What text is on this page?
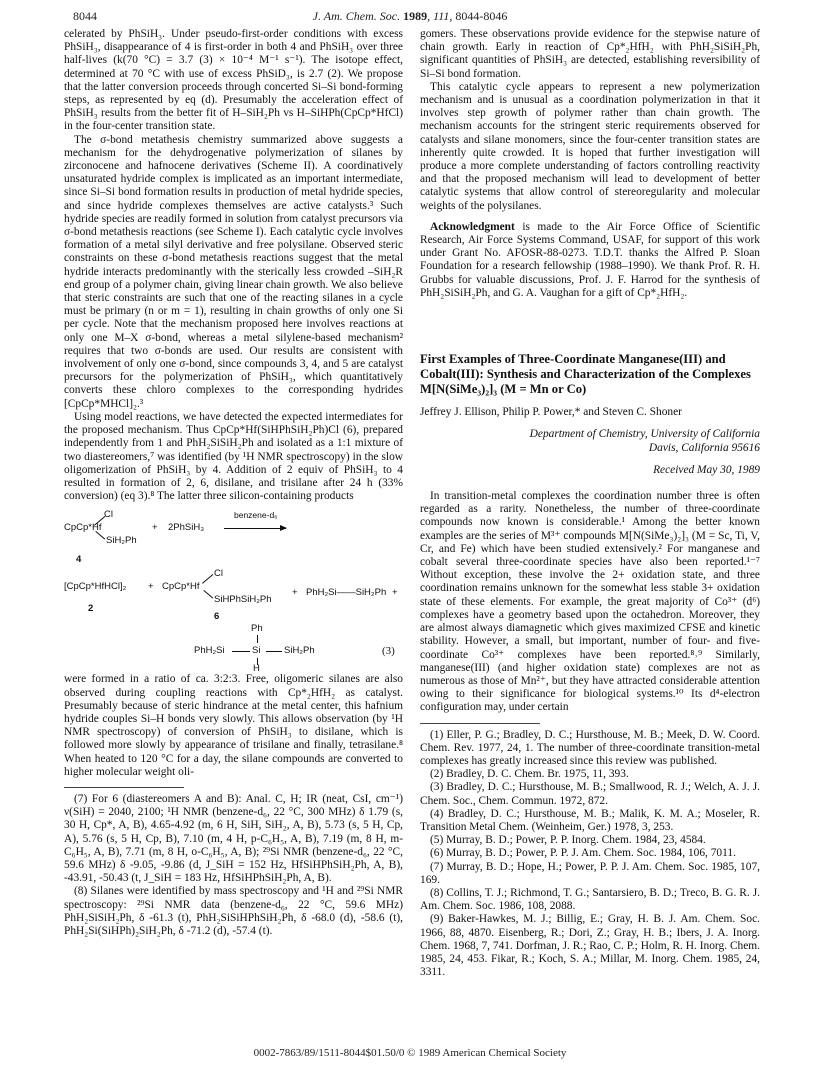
8044	J. Am. Chem. Soc. 1989, 111, 8044-8046

celerated by PhSiH₃. Under pseudo-first-order conditions with excess PhSiH₃, disappearance of 4 is first-order in both 4 and PhSiH₃ over three half-lives (k(70 °C) = 3.7 (3) × 10⁻⁴ M⁻¹ s⁻¹). The isotope effect, determined at 70 °C with use of excess PhSiD₃, is 2.7 (2). We propose that the latter conversion proceeds through concerted Si–Si bond-forming steps, as represented by eq (d). Presumably the acceleration effect of PhSiH₃ results from the better fit of H–SiH₂Ph vs H–SiHPh(CpCp*HfCl) in the four-center transition state.

The σ-bond metathesis chemistry summarized above suggests a mechanism for the dehydrogenative polymerization of silanes by zirconocene and hafnocene derivatives (Scheme II). A coordinatively unsaturated hydride complex is implicated as an important intermediate, since Si–Si bond formation results in production of metal hydride species, and since hydride complexes themselves are active catalysts.³ Such hydride species are readily formed in solution from catalyst precursors via σ-bond metathesis reactions (see Scheme I). Each catalytic cycle involves formation of a metal silyl derivative and free polysilane. Observed steric constraints on these σ-bond metathesis reactions suggest that the metal hydride interacts predominantly with the sterically less crowded –SiH₂R end group of a polymer chain, giving linear chain growth. We also believe that steric constraints are such that one of the reacting silanes in a cycle must be primary (n or m = 1), resulting in chain growths of only one Si per cycle. Note that the mechanism proposed here involves reactions at only one M–X σ-bond, whereas a metal silylene-based mechanism² requires that two σ-bonds are used. Our results are consistent with involvement of only one σ-bond, since compounds 3, 4, and 5 are catalyst precursors for the polymerization of PhSiH₃, which quantitatively converts these chloro complexes to the corresponding hydrides [CpCp*MHCl]₂.³

Using model reactions, we have detected the expected intermediates for the proposed mechanism. Thus CpCp*Hf(SiHPhSiH₂Ph)Cl (6), prepared independently from 1 and PhH₂SiSiH₂Ph and isolated as a 1:1 mixture of two diastereomers,⁷ was identified (by ¹H NMR spectroscopy) in the slow oligomerization of PhSiH₃ by 4. Addition of 2 equiv of PhSiH₃ to 4 resulted in formation of 2, 6, disilane, and trisilane after 24 h (33% conversion) (eq 3).⁸ The latter three silicon-containing products

Cl
CpCp*Hf
SiH₂Ph
+ 2PhSiH₃
benzene-d₆
4
Cl
[CpCp*HfHCl]₂ + CpCp*Hf
SiHPhSiH₂Ph
+ PhH₂Si——SiH₂Ph +
2
6
Ph
PhH₂Si	Si SiH₂Ph	(3)
H

were formed in a ratio of ca. 3:2:3. Free, oligomeric silanes are also observed during coupling reactions with Cp*₂HfH₂ as catalyst. Presumably because of steric hindrance at the metal center, this hafnium hydride couples Si–H bonds very slowly. This allows observation (by ¹H NMR spectroscopy) of conversion of PhSiH₃ to disilane, which is followed more slowly by appearance of trisilane and finally, tetrasilane.⁸ When heated to 120 °C for a day, the silane compounds are converted to higher molecular weight oli-

(7) For 6 (diastereomers A and B): Anal. C, H; IR (neat, CsI, cm⁻¹) ν(SiH) = 2040, 2100; ¹H NMR (benzene-d₆, 22 °C, 300 MHz) δ 1.79 (s, 30 H, Cp*, A, B), 4.65-4.92 (m, 6 H, SiH, SiH₂, A, B), 5.73 (s, 5 H, Cp, A), 5.76 (s, 5 H, Cp, B), 7.10 (m, 4 H, p-C₆H₅, A, B), 7.19 (m, 8 H, m-C₆H₅, A, B), 7.71 (m, 8 H, o-C₆H₅, A, B); ²⁹Si NMR (benzene-d₆, 22 °C, 59.6 MHz) δ -9.05, -9.86 (d, J_SiH = 152 Hz, HfSiHPhSiH₂Ph, A, B), -43.91, -50.43 (t, J_SiH = 183 Hz, HfSiHPhSiH₂Ph, A, B).

(8) Silanes were identified by mass spectroscopy and ¹H and ²⁹Si NMR spectroscopy: ²⁹Si NMR data (benzene-d₆, 22 °C, 59.6 MHz) PhH₂SiSiH₂Ph, δ -61.3 (t), PhH₂SiSiHPhSiH₂Ph, δ -68.0 (d), -58.6 (t), PhH₂Si(SiHPh)₂SiH₂Ph, δ -71.2 (d), -57.4 (t).

gomers. These observations provide evidence for the stepwise nature of chain growth. Early in reaction of Cp*₂HfH₂ with PhH₂SiSiH₂Ph, significant quantities of PhSiH₃ are detected, establishing reversibility of Si–Si bond formation.

This catalytic cycle appears to represent a new polymerization mechanism and is unusual as a coordination polymerization in that it involves step growth of polymer rather than chain growth. The mechanism accounts for the stringent steric requirements observed for catalysts and silane monomers, since the four-center transition states are inherently quite crowded. It is hoped that further investigation will produce a more complete understanding of factors controlling reactivity and that the proposed mechanism will lead to development of better catalytic systems that allow control of stereoregularity and molecular weights of the polysilanes.

Acknowledgment is made to the Air Force Office of Scientific Research, Air Force Systems Command, USAF, for support of this work under Grant No. AFOSR-88-0273. T.D.T. thanks the Alfred P. Sloan Foundation for a research fellowship (1988–1990). We thank Prof. R. H. Grubbs for valuable discussions, Prof. J. F. Harrod for the synthesis of PhH₂SiSiH₂Ph, and G. A. Vaughan for a gift of Cp*₂HfH₂.

First Examples of Three-Coordinate Manganese(III) and Cobalt(III): Synthesis and Characterization of the Complexes M[N(SiMe₃)₂]₃ (M = Mn or Co)
Jeffrey J. Ellison, Philip P. Power,* and Steven C. Shoner
Department of Chemistry, University of California
Davis, California 95616
Received May 30, 1989

In transition-metal complexes the coordination number three is often regarded as a rarity. Nonetheless, the number of three-coordinate compounds now known is considerable.¹ Among the better known examples are the series of M³⁺ compounds M[N(SiMe₃)₂]₃ (M = Sc, Ti, V, Cr, and Fe) which have been studied extensively.² For manganese and cobalt several three-coordinate species have also been reported.¹⁻⁷ Without exception, these involve the 2+ oxidation state, and three coordination remains unknown for the somewhat less stable 3+ oxidation state of these elements. For example, the great majority of Co³⁺ (d⁶) complexes have a geometry based upon the octahedron. Moreover, they are almost always diamagnetic which gives maximized CFSE and kinetic stability. However, a small, but important, number of four- and five-coordinate Co³⁺ complexes have been reported.⁸˒⁹ Similarly, manganese(III) (and higher oxidation state) complexes are not as numerous as those of Mn²⁺, but they have attracted considerable attention owing to their significance for biological systems.¹⁰ Its d⁴-electron configuration may, under certain

(1) Eller, P. G.; Bradley, D. C.; Hursthouse, M. B.; Meek, D. W. Coord. Chem. Rev. 1977, 24, 1. The number of three-coordinate transition-metal complexes has greatly increased since this review was published.

(2) Bradley, D. C. Chem. Br. 1975, 11, 393.

(3) Bradley, D. C.; Hursthouse, M. B.; Smallwood, R. J.; Welch, A. J. J. Chem. Soc., Chem. Commun. 1972, 872.

(4) Bradley, D. C.; Hursthouse, M. B.; Malik, K. M. A.; Moseler, R. Transition Metal Chem. (Weinheim, Ger.) 1978, 3, 253.

(5) Murray, B. D.; Power, P. P. Inorg. Chem. 1984, 23, 4584.

(6) Murray, B. D.; Power, P. P. J. Am. Chem. Soc. 1984, 106, 7011.

(7) Murray, B. D.; Hope, H.; Power, P. P. J. Am. Chem. Soc. 1985, 107, 169.

(8) Collins, T. J.; Richmond, T. G.; Santarsiero, B. D.; Treco, B. G. R. J. Am. Chem. Soc. 1986, 108, 2088.

(9) Baker-Hawkes, M. J.; Billig, E.; Gray, H. B. J. Am. Chem. Soc. 1966, 88, 4870. Eisenberg, R.; Dori, Z.; Gray, H. B.; Ibers, J. A. Inorg. Chem. 1968, 7, 741. Dorfman, J. R.; Rao, C. P.; Holm, R. H. Inorg. Chem. 1985, 24, 453. Fikar, R.; Koch, S. A.; Millar, M. Inorg. Chem. 1985, 24, 3311.

0002-7863/89/1511-8044$01.50/0 © 1989 American Chemical Society
